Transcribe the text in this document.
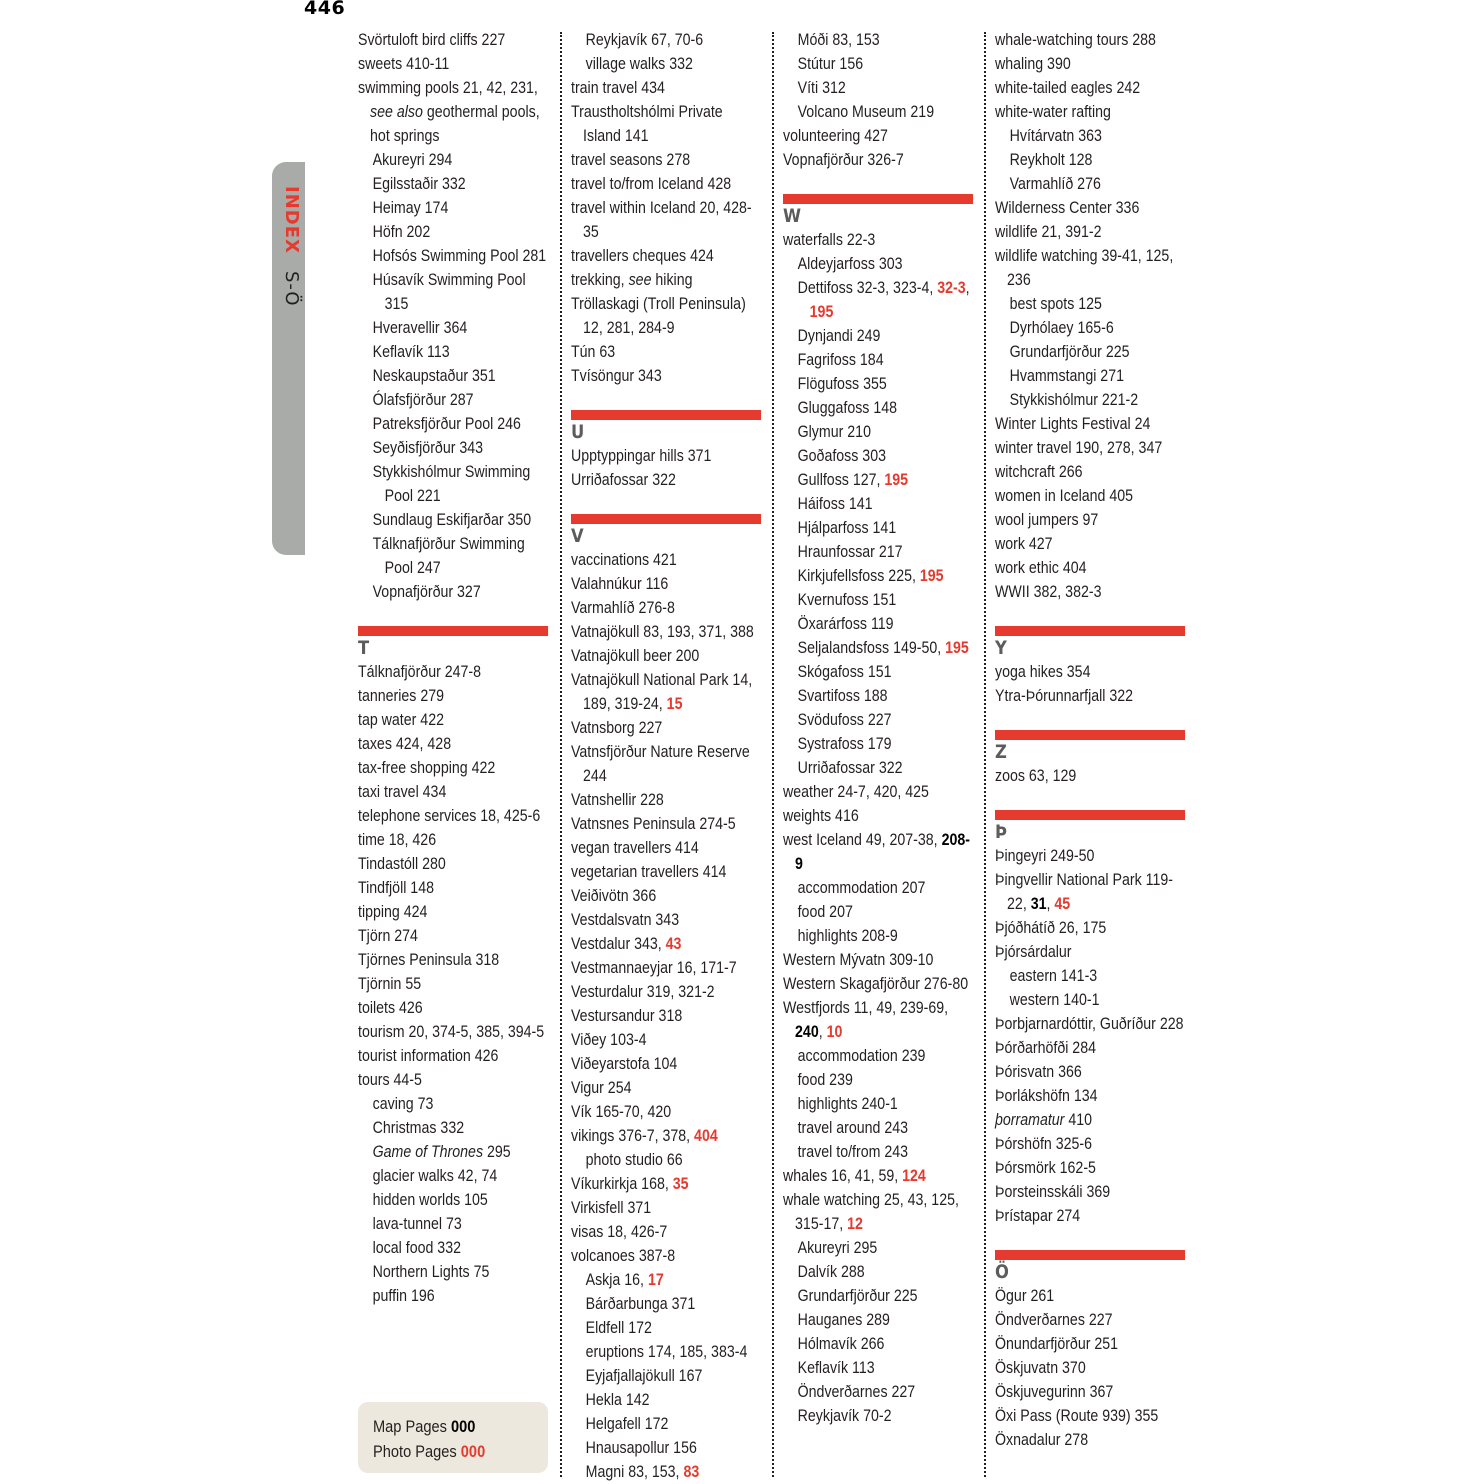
446
INDEX S-Ö
Svörtuloft bird cliffs 227
sweets 410-11
swimming pools 21, 42, 231, see also geothermal pools, hot springs
Akureyri 294
Egilsstaðir 332
Heimay 174
Höfn 202
Hofsós Swimming Pool 281
Húsavík Swimming Pool 315
Hveravellir 364
Keflavík 113
Neskaupstaður 351
Ólafsfjörður 287
Patreksfjörður Pool 246
Seyðisfjörður 343
Stykkishólmur Swimming Pool 221
Sundlaug Eskifjarðar 350
Tálknafjörður Swimming Pool 247
Vopnafjörður 327
T
Tálknafjörður 247-8
tanneries 279
tap water 422
taxes 424, 428
tax-free shopping 422
taxi travel 434
telephone services 18, 425-6
time 18, 426
Tindastóll 280
Tindfjöll 148
tipping 424
Tjörn 274
Tjörnes Peninsula 318
Tjörnin 55
toilets 426
tourism 20, 374-5, 385, 394-5
tourist information 426
tours 44-5
caving 73
Christmas 332
Game of Thrones 295
glacier walks 42, 74
hidden worlds 105
lava-tunnel 73
local food 332
Northern Lights 75
puffin 196
Reykjavík 67, 70-6
village walks 332
train travel 434
Traustholtshólmi Private Island 141
travel seasons 278
travel to/from Iceland 428
travel within Iceland 20, 428-35
travellers cheques 424
trekking, see hiking
Tröllaskagi (Troll Peninsula) 12, 281, 284-9
Tún 63
Tvísöngur 343
U
Upptyppingar hills 371
Urriðafossar 322
V
vaccinations 421
Valahnúkur 116
Varmahlíð 276-8
Vatnajökull 83, 193, 371, 388
Vatnajökull beer 200
Vatnajökull National Park 14, 189, 319-24, 15
Vatnsborg 227
Vatnsfjörður Nature Reserve 244
Vatnshellir 228
Vatnsnes Peninsula 274-5
vegan travellers 414
vegetarian travellers 414
Veiðivötn 366
Vestdalsvatn 343
Vestdalur 343, 43
Vestmannaeyjar 16, 171-7
Vesturdalur 319, 321-2
Vestursandur 318
Viðey 103-4
Viðeyarstofa 104
Vigur 254
Vík 165-70, 420
vikings 376-7, 378, 404
photo studio 66
Víkurkirkja 168, 35
Virkisfell 371
visas 18, 426-7
volcanoes 387-8
Askja 16, 17
Bárðarbunga 371
Eldfell 172
eruptions 174, 185, 383-4
Eyjafjallajökull 167
Hekla 142
Helgafell 172
Hnausapollur 156
Magni 83, 153, 83
Móði 83, 153
Stútur 156
Víti 312
Volcano Museum 219
volunteering 427
Vopnafjörður 326-7
W
waterfalls 22-3
Aldeyjarfoss 303
Dettifoss 32-3, 323-4, 32-3, 195
Dynjandi 249
Fagrifoss 184
Flögufoss 355
Gluggafoss 148
Glymur 210
Goðafoss 303
Gullfoss 127, 195
Háifoss 141
Hjálparfoss 141
Hraunfossar 217
Kirkjufellsfoss 225, 195
Kvernufoss 151
Öxarárfoss 119
Seljalandsfoss 149-50, 195
Skógafoss 151
Svartifoss 188
Svödufoss 227
Systrafoss 179
Urriðafossar 322
weather 24-7, 420, 425
weights 416
west Iceland 49, 207-38, 208-9
accommodation 207
food 207
highlights 208-9
Western Mývatn 309-10
Western Skagafjörður 276-80
Westfjords 11, 49, 239-69, 240, 10
accommodation 239
food 239
highlights 240-1
travel around 243
travel to/from 243
whales 16, 41, 59, 124
whale watching 25, 43, 125, 315-17, 12
Akureyri 295
Dalvík 288
Grundarfjörður 225
Hauganes 289
Hólmavík 266
Keflavík 113
Öndverðarnes 227
Reykjavík 70-2
whale-watching tours 288
whaling 390
white-tailed eagles 242
white-water rafting
Hvítárvatn 363
Reykholt 128
Varmahlíð 276
Wilderness Center 336
wildlife 21, 391-2
wildlife watching 39-41, 125, 236
best spots 125
Dyrhólaey 165-6
Grundarfjörður 225
Hvammstangi 271
Stykkishólmur 221-2
Winter Lights Festival 24
winter travel 190, 278, 347
witchcraft 266
women in Iceland 405
wool jumpers 97
work 427
work ethic 404
WWII 382, 382-3
Y
yoga hikes 354
Ytra-Þórunnarfjall 322
Z
zoos 63, 129
Þ
Þingeyri 249-50
Þingvellir National Park 119-22, 31, 45
Þjóðhátíð 26, 175
Þjórsárdalur
eastern 141-3
western 140-1
Þorbjarnardóttir, Guðríður 228
Þórðarhöfði 284
Þórisvatn 366
Þorlákshöfn 134
þorramatur 410
Þórshöfn 325-6
Þórsmörk 162-5
Þorsteinsskáli 369
Þrístapar 274
Ö
Ögur 261
Öndverðarnes 227
Önundarfjörður 251
Öskjuvatn 370
Öskjuvegurinn 367
Öxi Pass (Route 939) 355
Öxnadalur 278
Map Pages 000
Photo Pages 000
